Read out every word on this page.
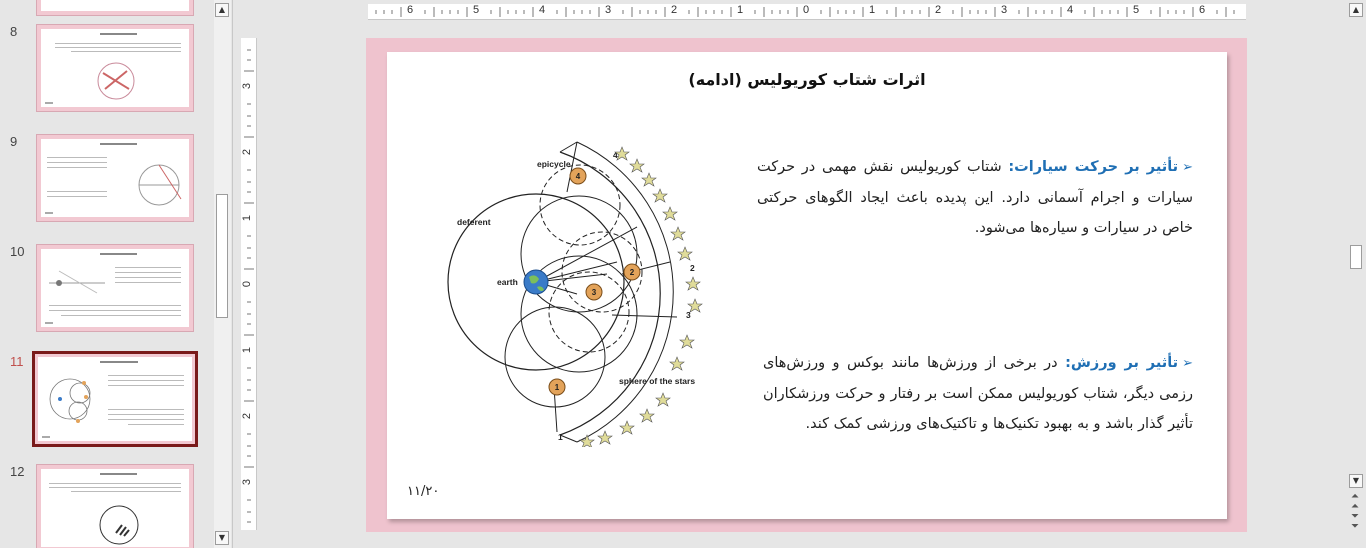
8
9
10
11
12
▲
▼
6	5	4	3	2	1	0	1	2	3	4	5	6
3
2
1
0
1
2
3
اثرات شتاب کوریولیس (ادامه)
➢تأثیر بر حرکت سیارات: شتاب کوریولیس نقش مهمی در حرکت سیارات و اجرام آسمانی دارد. این پدیده باعث ایجاد الگوهای حرکتی خاص در سیارات و سیاره‌ها می‌شود.
➢تأثیر بر ورزش: در برخی از ورزش‌ها مانند بوکس و ورزش‌های رزمی دیگر، شتاب کوریولیس ممکن است بر رفتار و حرکت ورزشکاران تأثیر گذار باشد و به بهبود تکنیک‌ها و تاکتیک‌های ورزشی کمک کند.
4
2
3
1
epicycle
deferent
earth
sphere of the stars
4
2
3
1
۱۱/۲۰
▲
▼
⏶
⏶
⏷
⏷
